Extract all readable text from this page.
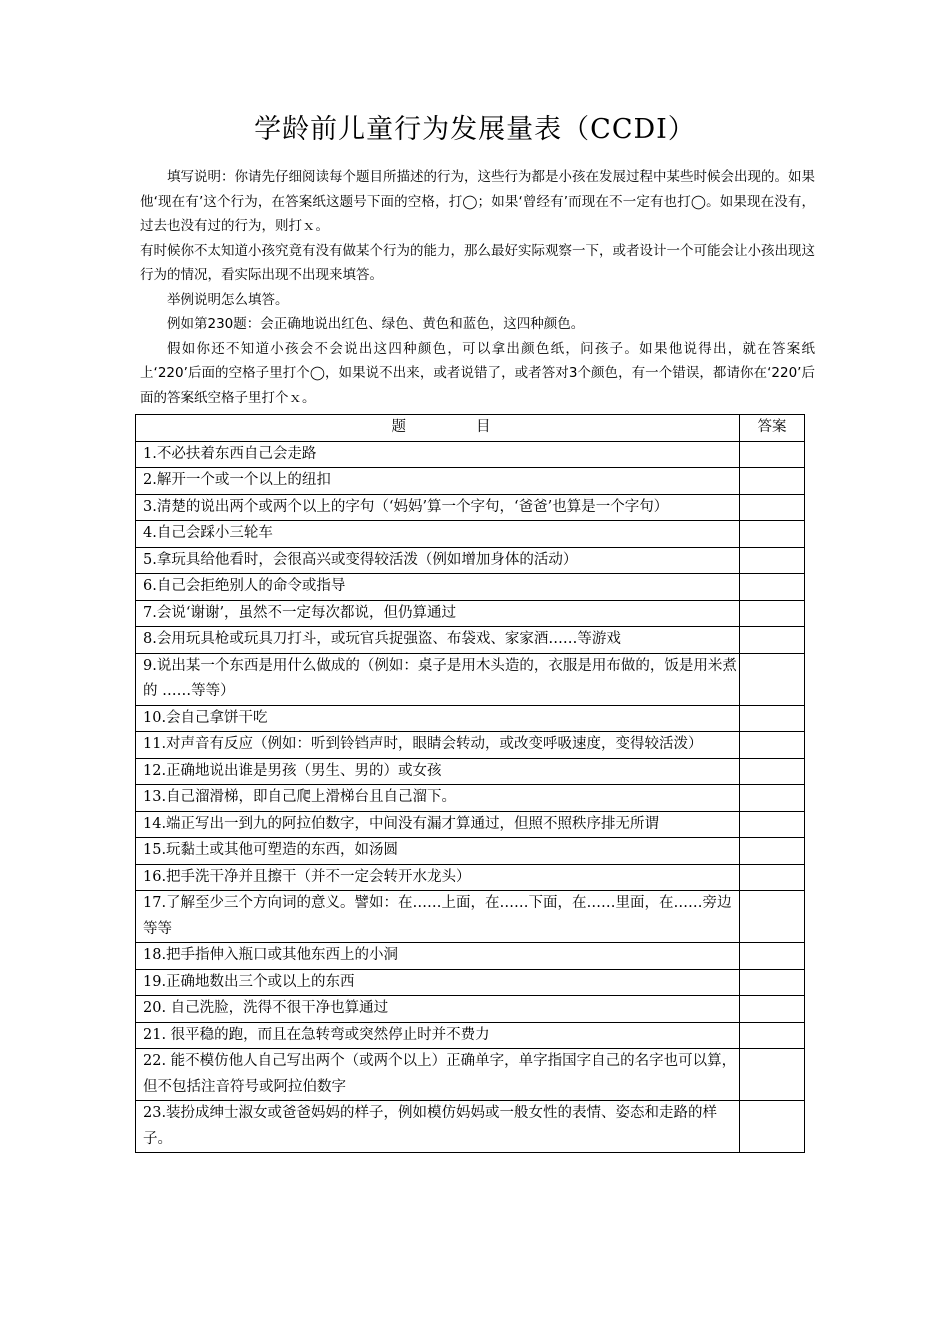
学龄前儿童行为发展量表（CCDI）

填写说明：你请先仔细阅读每个题目所描述的行为，这些行为都是小孩在发展过程中某些时候会出现的。如果他‘现在有’这个行为，在答案纸这题号下面的空格，打◯；如果‘曾经有’而现在不一定有也打◯。如果现在没有，过去也没有过的行为，则打ｘ。

有时候你不太知道小孩究竟有没有做某个行为的能力，那么最好实际观察一下，或者设计一个可能会让小孩出现这行为的情况，看实际出现不出现来填答。

举例说明怎么填答。

例如第230题：会正确地说出红色、绿色、黄色和蓝色，这四种颜色。

假如你还不知道小孩会不会说出这四种颜色，可以拿出颜色纸，问孩子。如果他说得出，就在答案纸上‘220’后面的空格子里打个◯，如果说不出来，或者说错了，或者答对3个颜色，有一个错误，都请你在‘220’后面的答案纸空格子里打个ｘ。

题 目	答案
1.不必扶着东西自己会走路	
2.解开一个或一个以上的纽扣	
3.清楚的说出两个或两个以上的字句（‘妈妈’算一个字句，‘爸爸’也算是一个字句）	
4.自己会踩小三轮车	
5.拿玩具给他看时，会很高兴或变得较活泼（例如增加身体的活动）	
6.自己会拒绝别人的命令或指导	
7.会说‘谢谢’，虽然不一定每次都说，但仍算通过	
8.会用玩具枪或玩具刀打斗，或玩官兵捉强盗、布袋戏、家家酒……等游戏	
9.说出某一个东西是用什么做成的（例如：桌子是用木头造的，衣服是用布做的，饭是用米煮的 ……等等）	
10.会自己拿饼干吃	
11.对声音有反应（例如：听到铃铛声时，眼睛会转动，或改变呼吸速度，变得较活泼）	
12.正确地说出谁是男孩（男生、男的）或女孩	
13.自己溜滑梯，即自己爬上滑梯台且自己溜下。	
14.端正写出一到九的阿拉伯数字，中间没有漏才算通过，但照不照秩序排无所谓	
15.玩黏土或其他可塑造的东西，如汤圆	
16.把手洗干净并且擦干（并不一定会转开水龙头）	
17.了解至少三个方向词的意义。譬如：在……上面，在……下面，在……里面，在……旁边等等	
18.把手指伸入瓶口或其他东西上的小洞	
19.正确地数出三个或以上的东西	
20. 自己洗脸，洗得不很干净也算通过	
21. 很平稳的跑，而且在急转弯或突然停止时并不费力	
22. 能不模仿他人自己写出两个（或两个以上）正确单字，单字指国字自己的名字也可以算，但不包括注音符号或阿拉伯数字	
23.装扮成绅士淑女或爸爸妈妈的样子，例如模仿妈妈或一般女性的表情、姿态和走路的样子。	
